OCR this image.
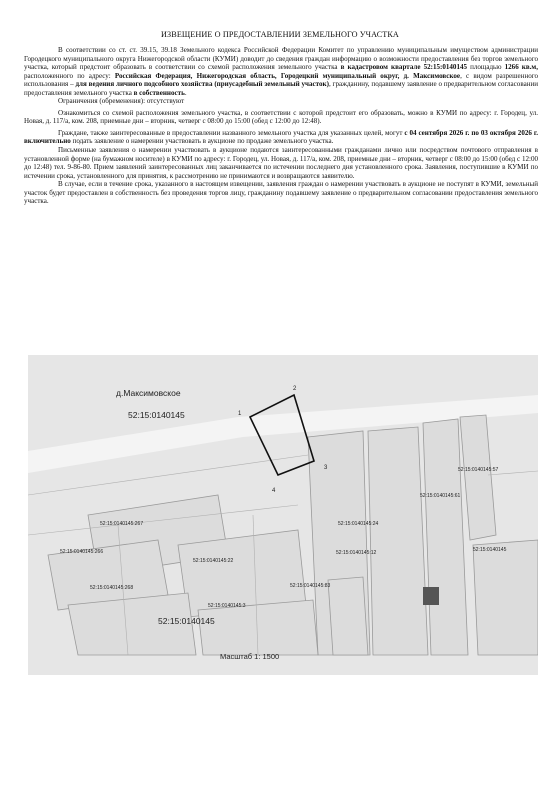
ИЗВЕЩЕНИЕ О ПРЕДОСТАВЛЕНИИ ЗЕМЕЛЬНОГО УЧАСТКА

В соответствии со ст. ст. 39.15, 39.18 Земельного кодекса Российской Федерации Комитет по управлению муниципальным имуществом администрации Городецкого муниципального округа Нижегородской области (КУМИ) доводит до сведения граждан информацию о возможности предоставления без торгов земельного участка, который предстоит образовать в соответствии со схемой расположения земельного участка в кадастровом квартале 52:15:0140145 площадью 1266 кв.м, расположенного по адресу: Российская Федерация, Нижегородская область, Городецкий муниципальный округ, д. Максимовское, с видом разрешенного использования – для ведения личного подсобного хозяйства (приусадебный земельный участок), гражданину, подавшему заявление о предварительном согласовании предоставления земельного участка в собственность.

Ограничения (обременения): отсутствуют

Ознакомиться со схемой расположения земельного участка, в соответствии с которой предстоит его образовать, можно в КУМИ по адресу: г. Городец, ул. Новая, д. 117/а, ком. 208, приемные дни – вторник, четверг с 08:00 до 15:00 (обед с 12:00 до 12:48).

Граждане, также заинтересованные в предоставлении названного земельного участка для указанных целей, могут с 04 сентября 2026 г. по 03 октября 2026 г. включительно подать заявление о намерении участвовать в аукционе по продаже земельного участка.

Письменные заявления о намерении участвовать в аукционе подаются заинтересованными гражданами лично или посредством почтового отправления в установленной форме (на бумажном носителе) в КУМИ по адресу: г. Городец, ул. Новая, д. 117/а, ком. 208, приемные дни – вторник, четверг с 08:00 до 15:00 (обед с 12:00 до 12:48) тел. 9-86-80. Прием заявлений заинтересованных лиц заканчивается по истечении последнего дня установленного срока. Заявления, поступившие в КУМИ по истечении срока, установленного для принятия, к рассмотрению не принимаются и возвращаются заявителю.

В случае, если в течение срока, указанного в настоящем извещении, заявления граждан о намерении участвовать в аукционе не поступят в КУМИ, земельный участок будет предоставлен в собственность без проведения торгов лицу, гражданину подавшему заявление о предварительном согласовании предоставления земельного участка.

д.Максимовское
52:15:0140145	1
2
3
4
52:15:0140145:57
52:15:0140145:61
52:15:0140145:24
52:15:0140145:267
52:15:0140145:266
52:15:0140145:22
52:15:0140145:268	52:15:0140145:83
52:15:0140145:3
52:15:0140145:12	52:15:0140145
52:15:0140145
Масштаб 1: 1500
